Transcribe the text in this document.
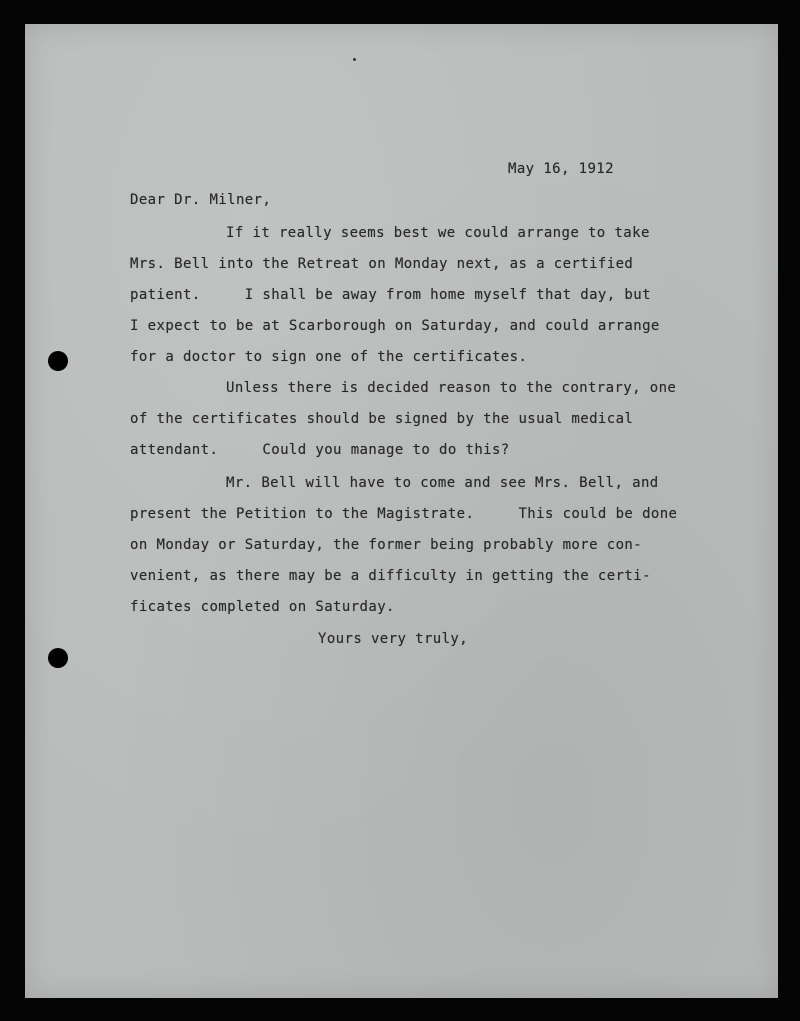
May 16, 1912

Dear Dr. Milner,

If it really seems best we could arrange to take

Mrs. Bell into the Retreat on Monday next, as a certified

patient.     I shall be away from home myself that day, but

I expect to be at Scarborough on Saturday, and could arrange

for a doctor to sign one of the certificates.

Unless there is decided reason to the contrary, one

of the certificates should be signed by the usual medical

attendant.     Could you manage to do this?

Mr. Bell will have to come and see Mrs. Bell, and

present the Petition to the Magistrate.     This could be done

on Monday or Saturday, the former being probably more con-

venient, as there may be a difficulty in getting the certi-

ficates completed on Saturday.

Yours very truly,
